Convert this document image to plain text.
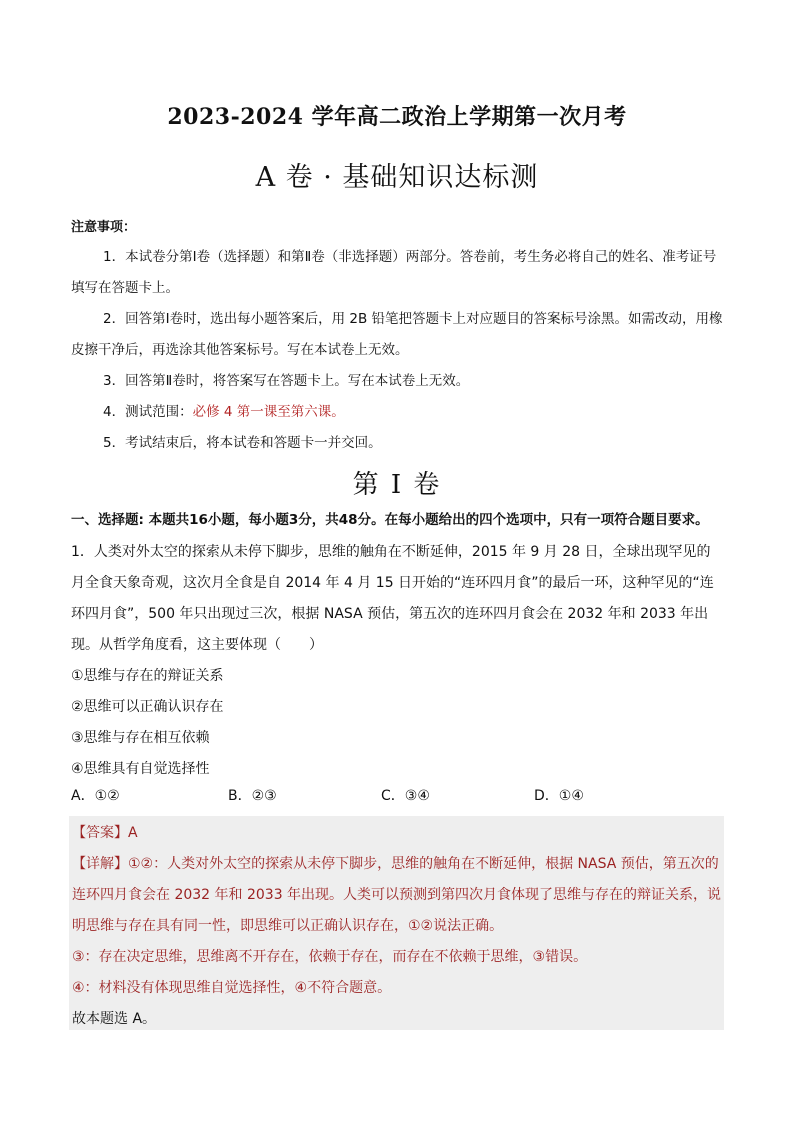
2023-2024 学年高二政治上学期第一次月考
A 卷 · 基础知识达标测
注意事项：

1．本试卷分第Ⅰ卷（选择题）和第Ⅱ卷（非选择题）两部分。答卷前，考生务必将自己的姓名、准考证号填写在答题卡上。

2．回答第Ⅰ卷时，选出每小题答案后，用 2B 铅笔把答题卡上对应题目的答案标号涂黑。如需改动，用橡皮擦干净后，再选涂其他答案标号。写在本试卷上无效。

3．回答第Ⅱ卷时，将答案写在答题卡上。写在本试卷上无效。

4．测试范围：必修 4 第一课至第六课。

5．考试结束后，将本试卷和答题卡一并交回。

第 I 卷
一、选择题: 本题共16小题，每小题3分，共48分。在每小题给出的四个选项中，只有一项符合题目要求。

1．人类对外太空的探索从未停下脚步，思维的触角在不断延伸，2015 年 9 月 28 日，全球出现罕见的月全食天象奇观，这次月全食是自 2014 年 4 月 15 日开始的“连环四月食”的最后一环，这种罕见的“连环四月食”，500 年只出现过三次，根据 NASA 预估，第五次的连环四月食会在 2032 年和 2033 年出现。从哲学角度看，这主要体现（　　）

①思维与存在的辩证关系

②思维可以正确认识存在

③思维与存在相互依赖

④思维具有自觉选择性

A．①②	B．②③	C．③④	D．①④

【答案】A

【详解】①②：人类对外太空的探索从未停下脚步，思维的触角在不断延伸，根据 NASA 预估，第五次的连环四月食会在 2032 年和 2033 年出现。人类可以预测到第四次月食体现了思维与存在的辩证关系，说明思维与存在具有同一性，即思维可以正确认识存在，①②说法正确。

③：存在决定思维，思维离不开存在，依赖于存在，而存在不依赖于思维，③错误。

④：材料没有体现思维自觉选择性，④不符合题意。

故本题选 A。
